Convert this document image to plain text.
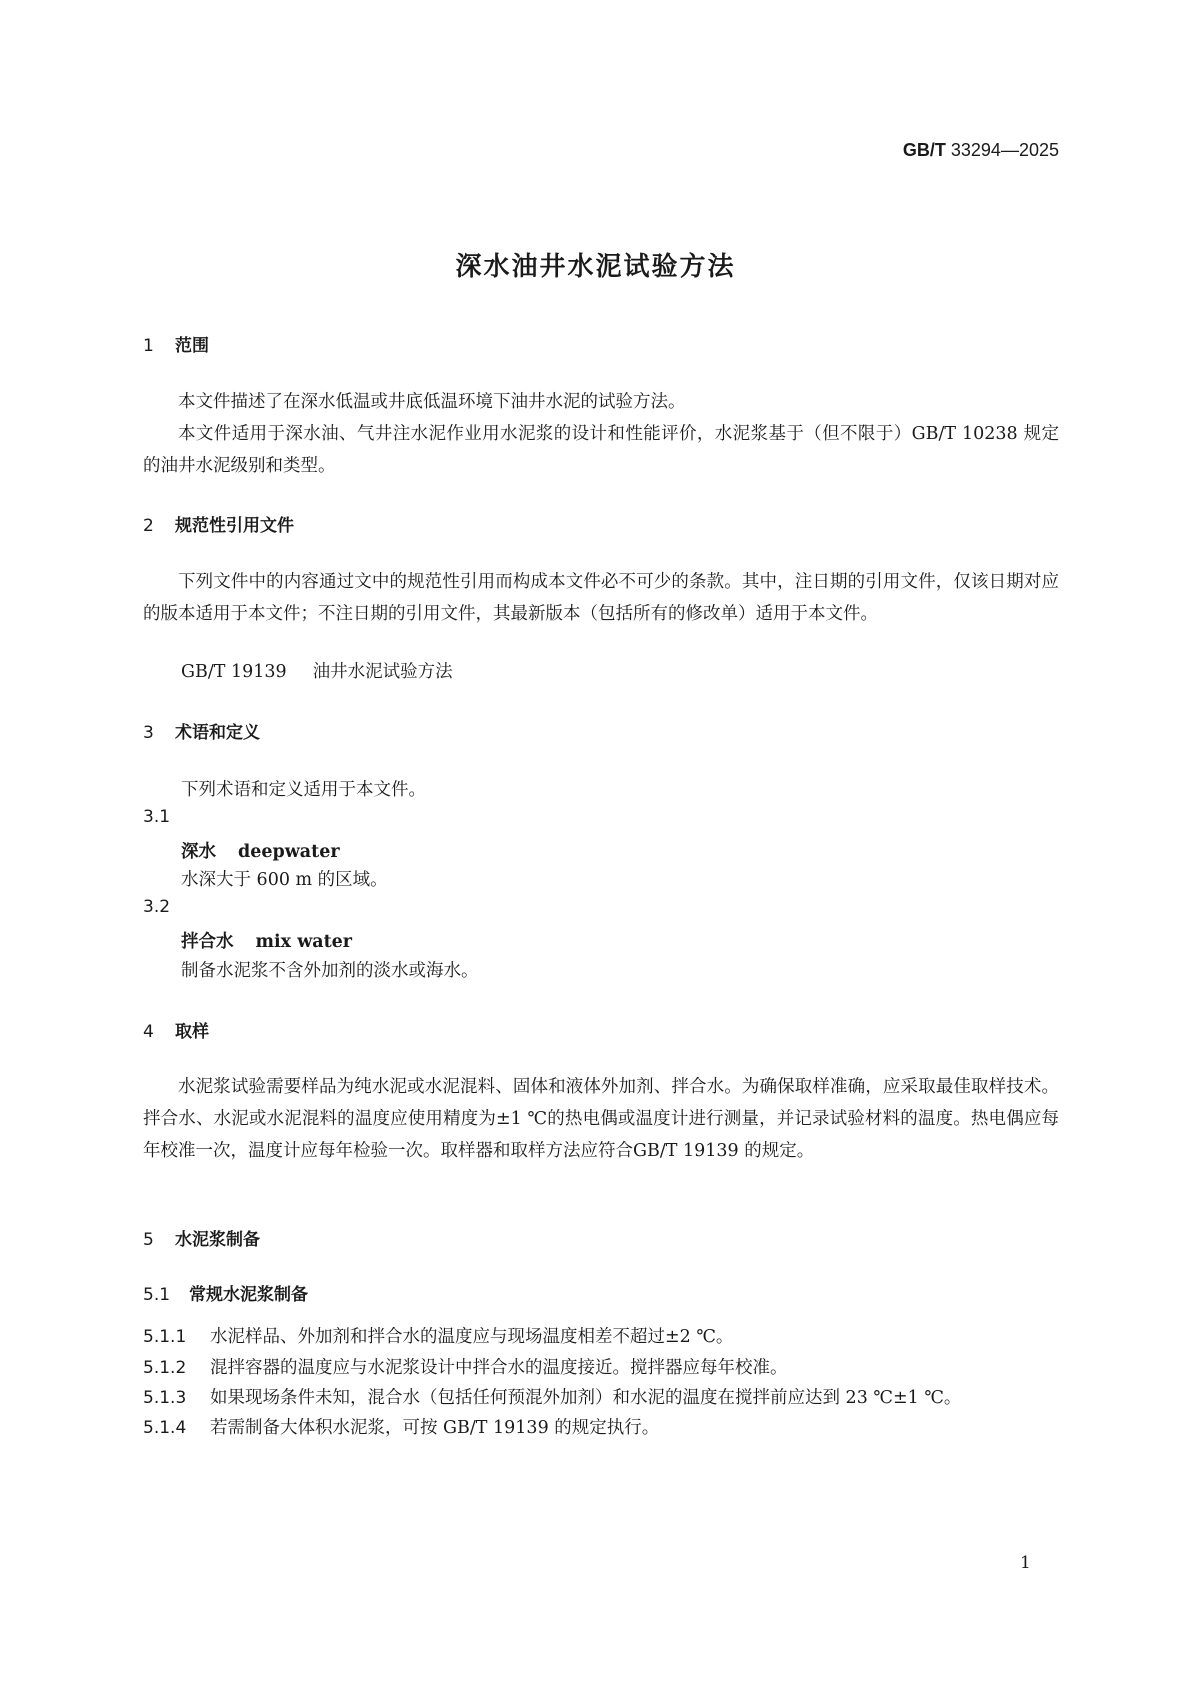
GB/T 33294—2025
深水油井水泥试验方法
1 范围
本文件描述了在深水低温或井底低温环境下油井水泥的试验方法。
本文件适用于深水油、气井注水泥作业用水泥浆的设计和性能评价，水泥浆基于（但不限于）GB/T 10238 规定的油井水泥级别和类型。
2 规范性引用文件
下列文件中的内容通过文中的规范性引用而构成本文件必不可少的条款。其中，注日期的引用文件，仅该日期对应的版本适用于本文件；不注日期的引用文件，其最新版本（包括所有的修改单）适用于本文件。
GB/T 19139 油井水泥试验方法
3 术语和定义
下列术语和定义适用于本文件。
3.1
深水 deepwater
水深大于 600 m 的区域。
3.2
拌合水 mix water
制备水泥浆不含外加剂的淡水或海水。
4 取样
水泥浆试验需要样品为纯水泥或水泥混料、固体和液体外加剂、拌合水。为确保取样准确，应采取最佳取样技术。拌合水、水泥或水泥混料的温度应使用精度为±1 ℃的热电偶或温度计进行测量，并记录试验材料的温度。热电偶应每年校准一次，温度计应每年检验一次。取样器和取样方法应符合GB/T 19139 的规定。
5 水泥浆制备
5.1 常规水泥浆制备
5.1.1 水泥样品、外加剂和拌合水的温度应与现场温度相差不超过±2 ℃。
5.1.2 混拌容器的温度应与水泥浆设计中拌合水的温度接近。搅拌器应每年校准。
5.1.3 如果现场条件未知，混合水（包括任何预混外加剂）和水泥的温度在搅拌前应达到 23 ℃±1 ℃。
5.1.4 若需制备大体积水泥浆，可按 GB/T 19139 的规定执行。
1
